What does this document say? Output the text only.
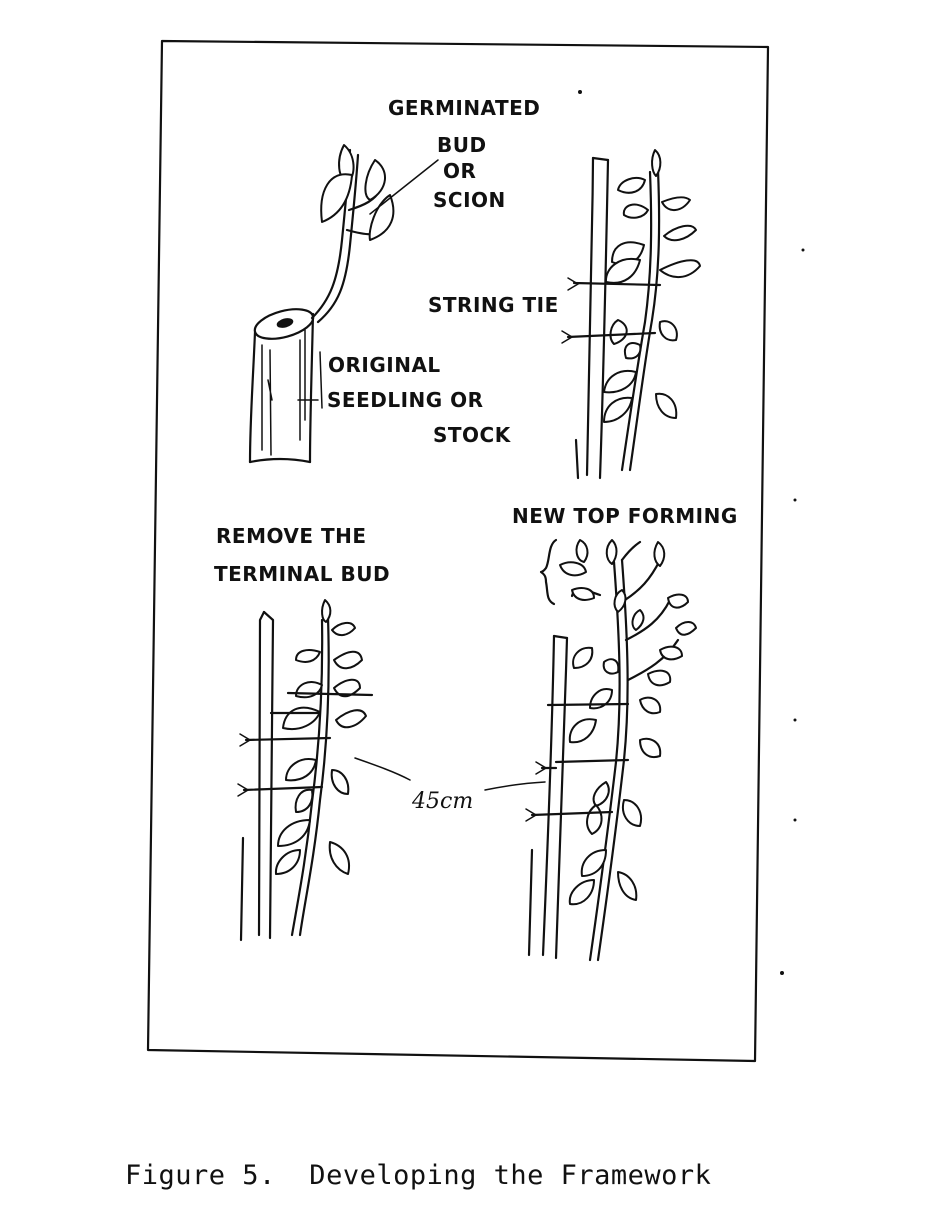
GERMINATED
BUD
OR
SCION
ORIGINAL
SEEDLING OR
STOCK
STRING TIE
REMOVE THE
TERMINAL BUD
45cm
NEW TOP FORMING
Figure 5.  Developing the Framework
